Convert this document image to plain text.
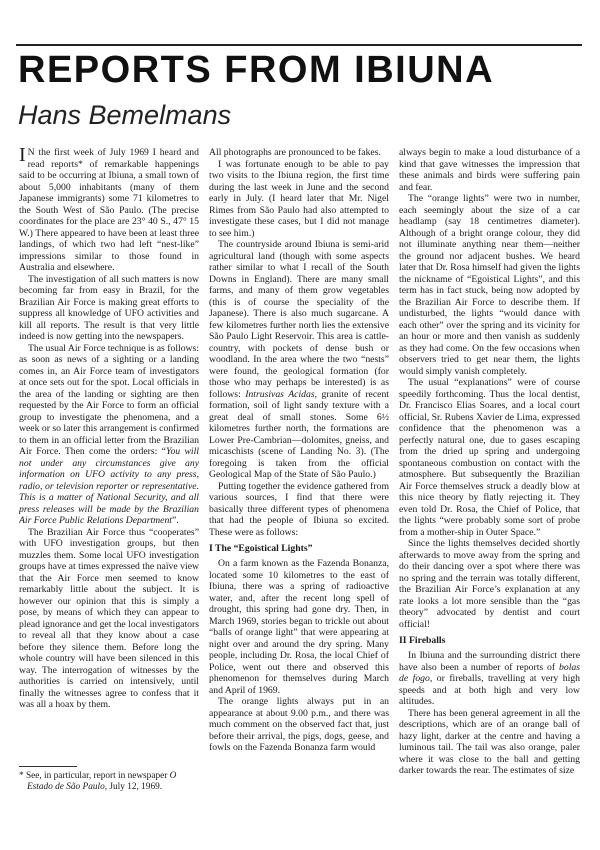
REPORTS FROM IBIUNA
Hans Bemelmans

I N the first week of July 1969 I heard and read reports* of remarkable happenings said to be occurring at Ibiuna, a small town of about 5,000 inhabitants (many of them Japanese immigrants) some 71 kilometres to the South West of São Paulo. (The precise coordinates for the place are 23° 40 S., 47° 15 W.) There appeared to have been at least three landings, of which two had left “nest-like” impressions similar to those found in Australia and elsewhere.

The investigation of all such matters is now becoming far from easy in Brazil, for the Brazilian Air Force is making great efforts to suppress all knowledge of UFO activities and kill all reports. The result is that very little indeed is now getting into the newspapers.

The usual Air Force technique is as follows: as soon as news of a sighting or a landing comes in, an Air Force team of investigators at once sets out for the spot. Local officials in the area of the landing or sighting are then requested by the Air Force to form an official group to investigate the phenomena, and a week or so later this arrangement is confirmed to them in an official letter from the Brazilian Air Force. Then come the orders: “You will not under any circumstances give any information on UFO activity to any press, radio, or television reporter or representative. This is a matter of National Security, and all press releases will be made by the Brazilian Air Force Public Relations Department”.

The Brazilian Air Force thus “cooperates” with UFO investigation groups, but then muzzles them. Some local UFO investigation groups have at times expressed the naïve view that the Air Force men seemed to know remarkably little about the subject. It is however our opinion that this is simply a pose, by means of which they can appear to plead ignorance and get the local investigators to reveal all that they know about a case before they silence them. Before long the whole country will have been silenced in this way. The interrogation of witnesses by the authorities is carried on intensively, until finally the witnesses agree to confess that it was all a hoax by them.

* See, in particular, report in newspaper O Estado de São Paulo, July 12, 1969.

All photographs are pronounced to be fakes.

I was fortunate enough to be able to pay two visits to the Ibiuna region, the first time during the last week in June and the second early in July. (I heard later that Mr. Nigel Rimes from São Paulo had also attempted to investigate these cases, but I did not manage to see him.)

The countryside around Ibiuna is semi-arid agricultural land (though with some aspects rather similar to what I recall of the South Downs in England). There are many small farms, and many of them grow vegetables (this is of course the speciality of the Japanese). There is also much sugarcane. A few kilometres further north lies the extensive São Paulo Light Reservoir. This area is cattle-country, with pockets of dense bush or woodland. In the area where the two “nests” were found, the geological formation (for those who may perhaps be interested) is as follows: Intrusivas Acidas, granite of recent formation, soil of light sandy texture with a great deal of small stones. Some 6½ kilometres further north, the formations are Lower Pre-Cambrian—dolomites, gneiss, and micaschists (scene of Landing No. 3). (The foregoing is taken from the official Geological Map of the State of São Paulo.)

Putting together the evidence gathered from various sources, I find that there were basically three different types of phenomena that had the people of Ibiuna so excited. These were as follows:

I The “Egoistical Lights”

On a farm known as the Fazenda Bonanza, located some 10 kilometres to the east of Ibiuna, there was a spring of radioactive water, and, after the recent long spell of drought, this spring had gone dry. Then, in March 1969, stories began to trickle out about “balls of orange light” that were appearing at night over and around the dry spring. Many people, including Dr. Rosa, the local Chief of Police, went out there and observed this phenomenon for themselves during March and April of 1969.

The orange lights always put in an appearance at about 9.00 p.m., and there was much comment on the observed fact that, just before their arrival, the pigs, dogs, geese, and fowls on the Fazenda Bonanza farm would

always begin to make a loud disturbance of a kind that gave witnesses the impression that these animals and birds were suffering pain and fear.

The “orange lights” were two in number, each seemingly about the size of a car headlamp (say 18 centimetres diameter). Although of a bright orange colour, they did not illuminate anything near them—neither the ground nor adjacent bushes. We heard later that Dr. Rosa himself had given the lights the nickname of “Egoistical Lights”, and this term has in fact stuck, being now adopted by the Brazilian Air Force to describe them. If undisturbed, the lights “would dance with each other” over the spring and its vicinity for an hour or more and then vanish as suddenly as they had come. On the few occasions when observers tried to get near them, the lights would simply vanish completely.

The usual “explanations” were of course speedily forthcoming. Thus the local dentist, Dr. Francisco Elias Soares, and a local court official, Sr. Rubens Xavier de Lima, expressed confidence that the phenomenon was a perfectly natural one, due to gases escaping from the dried up spring and undergoing spontaneous combustion on contact with the atmosphere. But subsequently the Brazilian Air Force themselves struck a deadly blow at this nice theory by flatly rejecting it. They even told Dr. Rosa, the Chief of Police, that the lights “were probably some sort of probe from a mother-ship in Outer Space.”

Since the lights themselves decided shortly afterwards to move away from the spring and do their dancing over a spot where there was no spring and the terrain was totally different, the Brazilian Air Force’s explanation at any rate looks a lot more sensible than the “gas theory” advocated by dentist and court official!

II Fireballs

In Ibiuna and the surrounding district there have also been a number of reports of bolas de fogo, or fireballs, travelling at very high speeds and at both high and very low altitudes.

There has been general agreement in all the descriptions, which are of an orange ball of hazy light, darker at the centre and having a luminous tail. The tail was also orange, paler where it was close to the ball and getting darker towards the rear. The estimates of size
